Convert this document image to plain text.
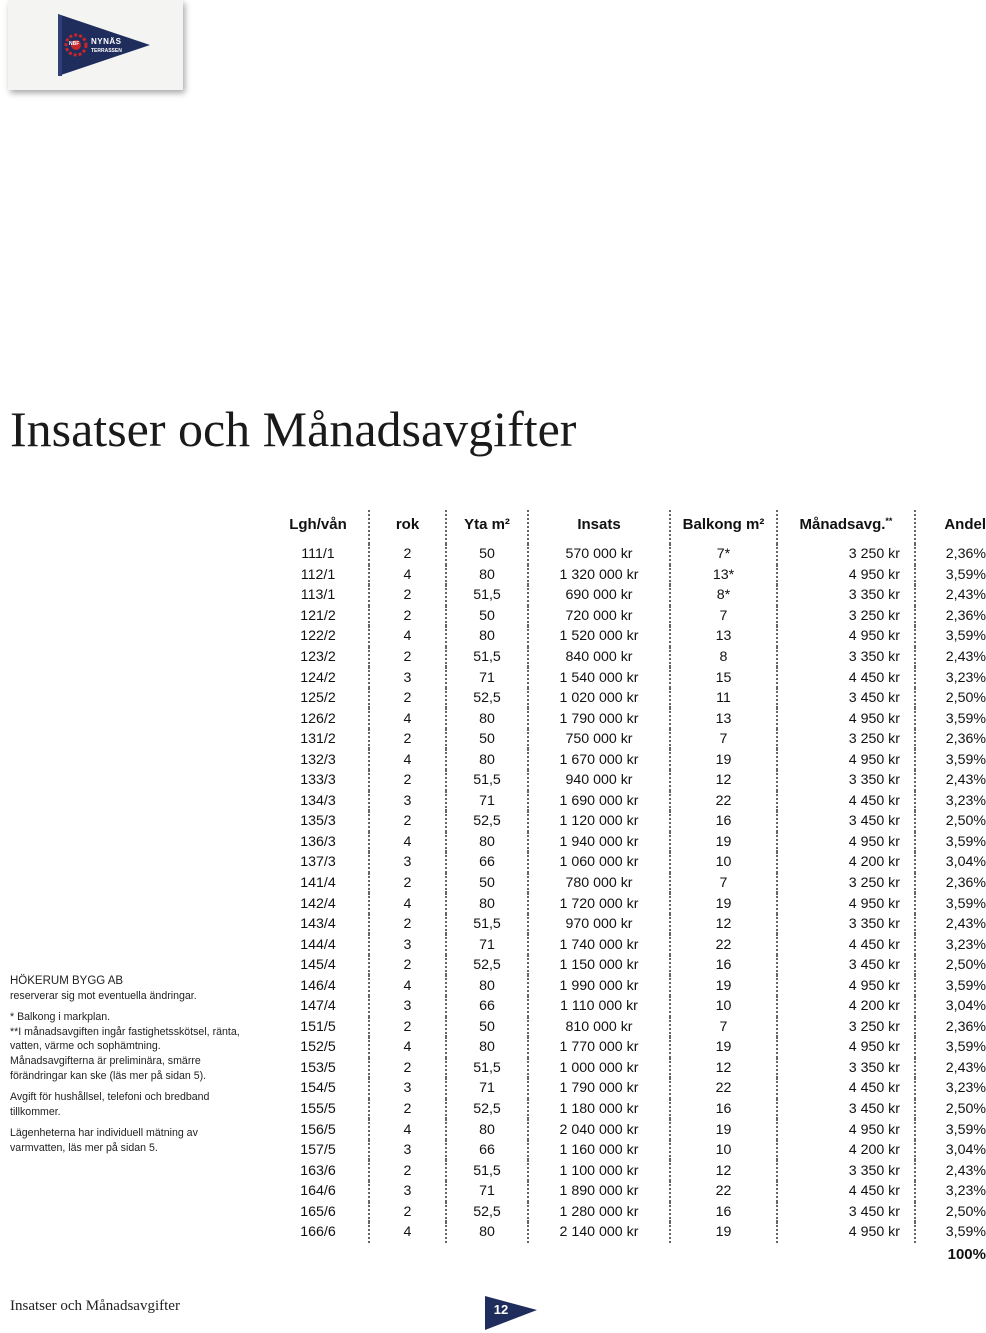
NBF NYNÄS
TERRASSEN
Insatser och Månadsavgifter

HÖKERUM BYGG AB

reserverar sig mot eventuella ändringar.

* Balkong i markplan.

**I månadsavgiften ingår fastighetsskötsel, ränta, vatten, värme och sophämtning. Månadsavgifterna är preliminära, smärre förändringar kan ske (läs mer på sidan 5).

Avgift för hushållsel, telefoni och bredband tillkommer.

Lägenheterna har individuell mätning av varmvatten, läs mer på sidan 5.

Lgh/vån	rok	Yta m²	Insats	Balkong m²	Månadsavg.**	Andel
111/1	2	50	570 000 kr	7*	3 250 kr	2,36%
112/1	4	80	1 320 000 kr	13*	4 950 kr	3,59%
113/1	2	51,5	690 000 kr	8*	3 350 kr	2,43%
121/2	2	50	720 000 kr	7	3 250 kr	2,36%
122/2	4	80	1 520 000 kr	13	4 950 kr	3,59%
123/2	2	51,5	840 000 kr	8	3 350 kr	2,43%
124/2	3	71	1 540 000 kr	15	4 450 kr	3,23%
125/2	2	52,5	1 020 000 kr	11	3 450 kr	2,50%
126/2	4	80	1 790 000 kr	13	4 950 kr	3,59%
131/2	2	50	750 000 kr	7	3 250 kr	2,36%
132/3	4	80	1 670 000 kr	19	4 950 kr	3,59%
133/3	2	51,5	940 000 kr	12	3 350 kr	2,43%
134/3	3	71	1 690 000 kr	22	4 450 kr	3,23%
135/3	2	52,5	1 120 000 kr	16	3 450 kr	2,50%
136/3	4	80	1 940 000 kr	19	4 950 kr	3,59%
137/3	3	66	1 060 000 kr	10	4 200 kr	3,04%
141/4	2	50	780 000 kr	7	3 250 kr	2,36%
142/4	4	80	1 720 000 kr	19	4 950 kr	3,59%
143/4	2	51,5	970 000 kr	12	3 350 kr	2,43%
144/4	3	71	1 740 000 kr	22	4 450 kr	3,23%
145/4	2	52,5	1 150 000 kr	16	3 450 kr	2,50%
146/4	4	80	1 990 000 kr	19	4 950 kr	3,59%
147/4	3	66	1 110 000 kr	10	4 200 kr	3,04%
151/5	2	50	810 000 kr	7	3 250 kr	2,36%
152/5	4	80	1 770 000 kr	19	4 950 kr	3,59%
153/5	2	51,5	1 000 000 kr	12	3 350 kr	2,43%
154/5	3	71	1 790 000 kr	22	4 450 kr	3,23%
155/5	2	52,5	1 180 000 kr	16	3 450 kr	2,50%
156/5	4	80	2 040 000 kr	19	4 950 kr	3,59%
157/5	3	66	1 160 000 kr	10	4 200 kr	3,04%
163/6	2	51,5	1 100 000 kr	12	3 350 kr	2,43%
164/6	3	71	1 890 000 kr	22	4 450 kr	3,23%
165/6	2	52,5	1 280 000 kr	16	3 450 kr	2,50%
166/6	4	80	2 140 000 kr	19	4 950 kr	3,59%
						100%
Insatser och Månadsavgifter	12
